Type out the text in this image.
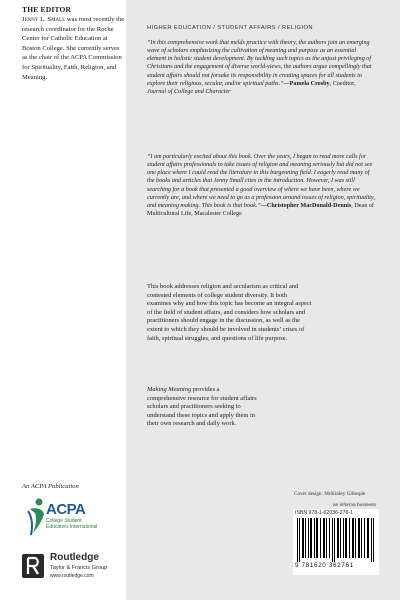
THE EDITOR
Jenny L. Small was most recently the research coordinator for the Roche Center for Catholic Education at Boston College. She currently serves as the chair of the ACPA Commission for Spirituality, Faith, Religion, and Meaning.
An ACPA Publication
ACPA
College Student
Educators International
Routledge
Taylor & Francis Group
www.routledge.com
HIGHER EDUCATION / STUDENT AFFAIRS / RELIGION
“In this comprehensive work that melds practice with theory, the authors join an emerging wave of scholars emphasizing the cultivation of meaning and purpose as an essential element in holistic student development. By tackling such topics as the unjust privileging of Christians and the engagement of diverse world-views, the authors argue compellingly that student affairs should not forsake its responsibility in creating spaces for all students to explore their religious, secular, and/or spiritual paths.”—Pamela Crosby, Coeditor, Journal of College and Character
“I am particularly excited about this book. Over the years, I began to read more calls for student affairs professionals to take issues of religion and meaning seriously but did not see one place where I could read the literature in this burgeoning field. I eagerly read many of the books and articles that Jenny Small cites in the introduction. However, I was still searching for a book that presented a good overview of where we have been, where we currently are, and where we need to go as a profession around issues of religion, spirituality, and meaning making. This book is that book.”—Christopher MacDonald-Dennis, Dean of Multicultural Life, Macalester College
This book addresses religion and secularism as critical and contested elements of college student diversity. It both examines why and how this topic has become an integral aspect of the field of student affairs, and considers how scholars and practitioners should engage in the discussion, as well as the extent to which they should be involved in students’ crises of faith, spiritual struggles, and questions of life purpose.
Making Meaning provides a comprehensive resource for student affairs scholars and practitioners seeking to understand these topics and apply them in their own research and daily work.
Cover design: McKinley Gillespie
an informa business
ISBN 978-1-62036-276-1
9 781620 362761
